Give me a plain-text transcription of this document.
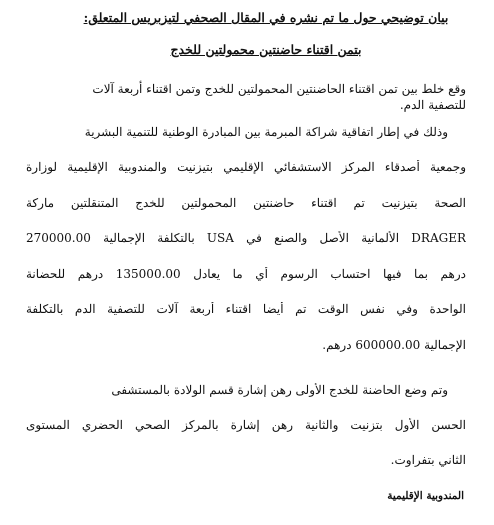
بيان توضيحي حول ما تم نشره في المقال الصحفي لتيزبريس المتعلق:
بتمن اقتناء حاضنتين محمولتين للخدج
وقع خلط بين تمن اقتناء الحاضنتين المحمولتين للخدج وتمن اقتناء أربعة آلات
للتصفية الدم.
وذلك في إطار اتفاقية شراكة المبرمة بين المبادرة الوطنية للتنمية البشرية
وجمعية أصدقاء المركز الاستشفائي الإقليمي بتيزنيت والمندوبية الإقليمية لوزارة
الصحة بتيزنيت تم اقتناء حاضنتين المحمولتين للخدج المتنقلتين ماركة
DRAGER الألمانية الأصل والصنع في USA بالتكلفة الإجمالية 270000.00
درهم بما فيها احتساب الرسوم أي ما يعادل 135000.00 درهم للحضانة
الواحدة وفي نفس الوقت تم أيضا اقتناء أربعة آلات للتصفية الدم بالتكلفة
الإجمالية 600000.00 درهم.
وتم وضع الحاضنة للخدج الأولى رهن إشارة قسم الولادة بالمستشفى
الحسن الأول بتزنيت والثانية رهن إشارة بالمركز الصحي الحضري المستوى
الثاني بتفراوت.
المندوبية الإقليمية
